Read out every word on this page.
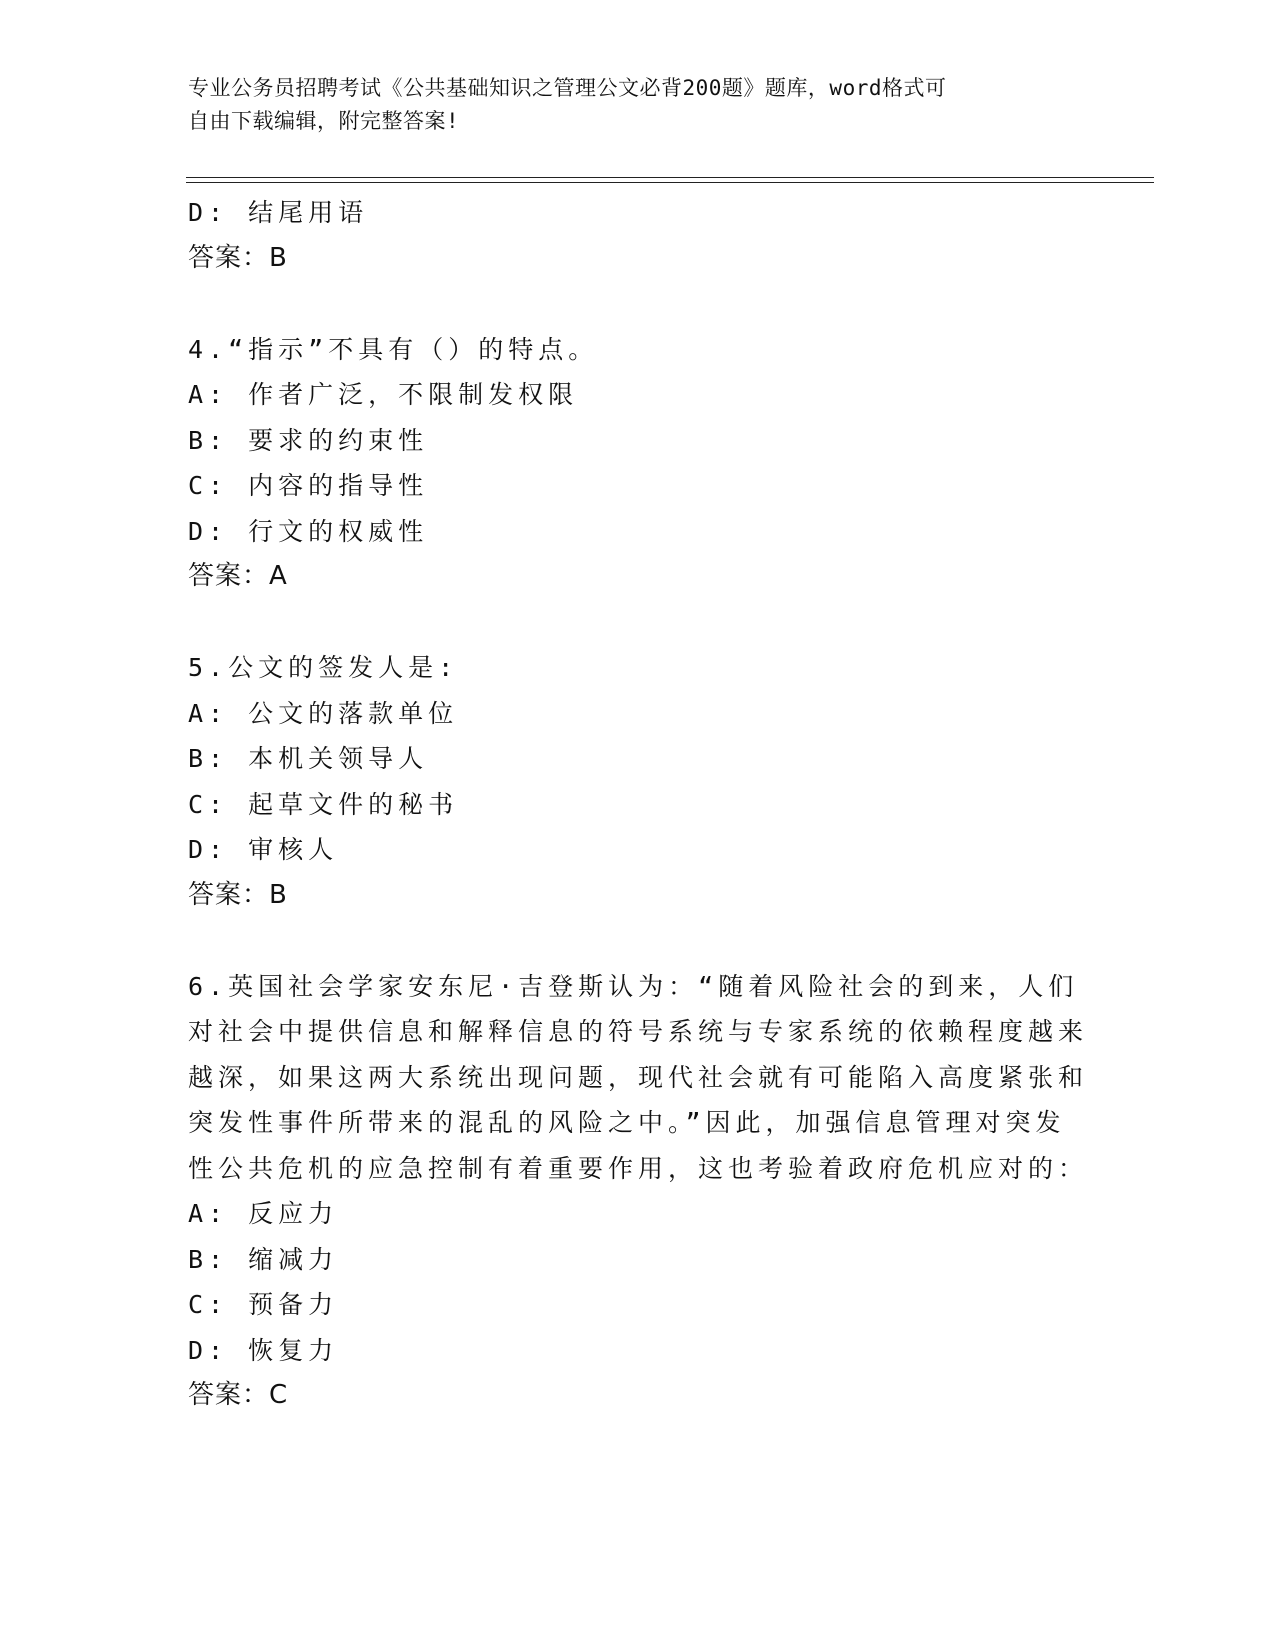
专业公务员招聘考试《公共基础知识之管理公文必背200题》题库，word格式可
自由下载编辑，附完整答案!
D: 结尾用语
答案：B
4.“指示”不具有（）的特点。
A: 作者广泛，不限制发权限
B: 要求的约束性
C: 内容的指导性
D: 行文的权威性
答案：A
5.公文的签发人是:
A: 公文的落款单位
B: 本机关领导人
C: 起草文件的秘书
D: 审核人
答案：B
6.英国社会学家安东尼·吉登斯认为：“随着风险社会的到来，人们
对社会中提供信息和解释信息的符号系统与专家系统的依赖程度越来
越深，如果这两大系统出现问题，现代社会就有可能陷入高度紧张和
突发性事件所带来的混乱的风险之中。”因此，加强信息管理对突发
性公共危机的应急控制有着重要作用，这也考验着政府危机应对的：
A: 反应力
B: 缩减力
C: 预备力
D: 恢复力
答案：C
